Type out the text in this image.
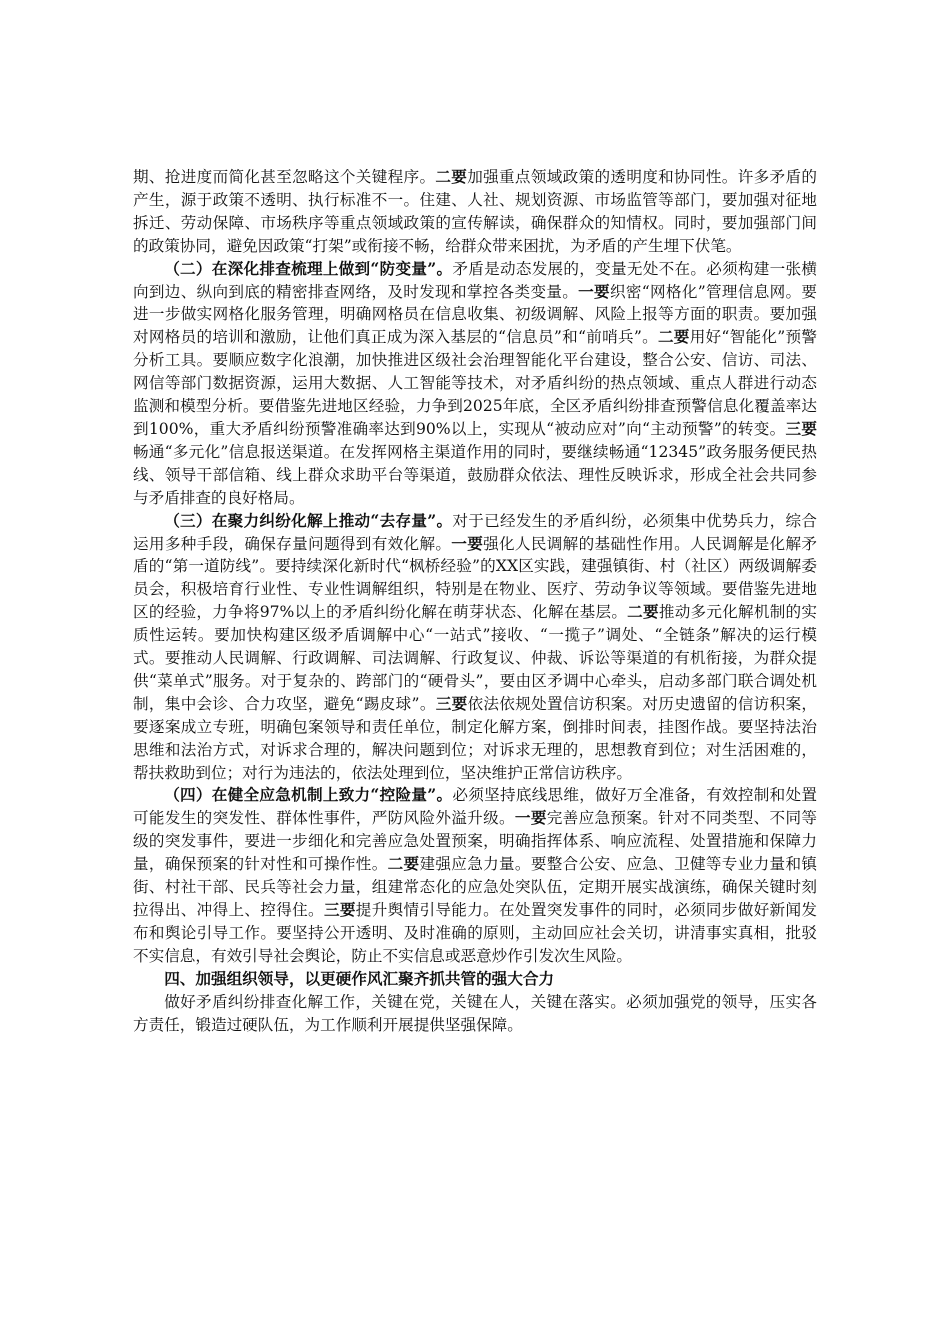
期、抢进度而简化甚至忽略这个关键程序。二要加强重点领域政策的透明度和协同性。许多矛盾的产生，源于政策不透明、执行标准不一。住建、人社、规划资源、市场监管等部门，要加强对征地拆迁、劳动保障、市场秩序等重点领域政策的宣传解读，确保群众的知情权。同时，要加强部门间的政策协同，避免因政策“打架”或衔接不畅，给群众带来困扰，为矛盾的产生埋下伏笔。

（二）在深化排查梳理上做到“防变量”。矛盾是动态发展的，变量无处不在。必须构建一张横向到边、纵向到底的精密排查网络，及时发现和掌控各类变量。一要织密“网格化”管理信息网。要进一步做实网格化服务管理，明确网格员在信息收集、初级调解、风险上报等方面的职责。要加强对网格员的培训和激励，让他们真正成为深入基层的“信息员”和“前哨兵”。二要用好“智能化”预警分析工具。要顺应数字化浪潮，加快推进区级社会治理智能化平台建设，整合公安、信访、司法、网信等部门数据资源，运用大数据、人工智能等技术，对矛盾纠纷的热点领域、重点人群进行动态监测和模型分析。要借鉴先进地区经验，力争到2025年底，全区矛盾纠纷排查预警信息化覆盖率达到100%，重大矛盾纠纷预警准确率达到90%以上，实现从“被动应对”向“主动预警”的转变。三要畅通“多元化”信息报送渠道。在发挥网格主渠道作用的同时，要继续畅通“12345”政务服务便民热线、领导干部信箱、线上群众求助平台等渠道，鼓励群众依法、理性反映诉求，形成全社会共同参与矛盾排查的良好格局。

（三）在聚力纠纷化解上推动“去存量”。对于已经发生的矛盾纠纷，必须集中优势兵力，综合运用多种手段，确保存量问题得到有效化解。一要强化人民调解的基础性作用。人民调解是化解矛盾的“第一道防线”。要持续深化新时代“枫桥经验”的XX区实践，建强镇街、村（社区）两级调解委员会，积极培育行业性、专业性调解组织，特别是在物业、医疗、劳动争议等领域。要借鉴先进地区的经验，力争将97%以上的矛盾纠纷化解在萌芽状态、化解在基层。二要推动多元化解机制的实质性运转。要加快构建区级矛盾调解中心“一站式”接收、“一揽子”调处、“全链条”解决的运行模式。要推动人民调解、行政调解、司法调解、行政复议、仲裁、诉讼等渠道的有机衔接，为群众提供“菜单式”服务。对于复杂的、跨部门的“硬骨头”，要由区矛调中心牵头，启动多部门联合调处机制，集中会诊、合力攻坚，避免“踢皮球”。三要依法依规处置信访积案。对历史遗留的信访积案，要逐案成立专班，明确包案领导和责任单位，制定化解方案，倒排时间表，挂图作战。要坚持法治思维和法治方式，对诉求合理的，解决问题到位；对诉求无理的，思想教育到位；对生活困难的，帮扶救助到位；对行为违法的，依法处理到位，坚决维护正常信访秩序。

（四）在健全应急机制上致力“控险量”。必须坚持底线思维，做好万全准备，有效控制和处置可能发生的突发性、群体性事件，严防风险外溢升级。一要完善应急预案。针对不同类型、不同等级的突发事件，要进一步细化和完善应急处置预案，明确指挥体系、响应流程、处置措施和保障力量，确保预案的针对性和可操作性。二要建强应急力量。要整合公安、应急、卫健等专业力量和镇街、村社干部、民兵等社会力量，组建常态化的应急处突队伍，定期开展实战演练，确保关键时刻拉得出、冲得上、控得住。三要提升舆情引导能力。在处置突发事件的同时，必须同步做好新闻发布和舆论引导工作。要坚持公开透明、及时准确的原则，主动回应社会关切，讲清事实真相，批驳不实信息，有效引导社会舆论，防止不实信息或恶意炒作引发次生风险。

四、加强组织领导，以更硬作风汇聚齐抓共管的强大合力

做好矛盾纠纷排查化解工作，关键在党，关键在人，关键在落实。必须加强党的领导，压实各方责任，锻造过硬队伍，为工作顺利开展提供坚强保障。
